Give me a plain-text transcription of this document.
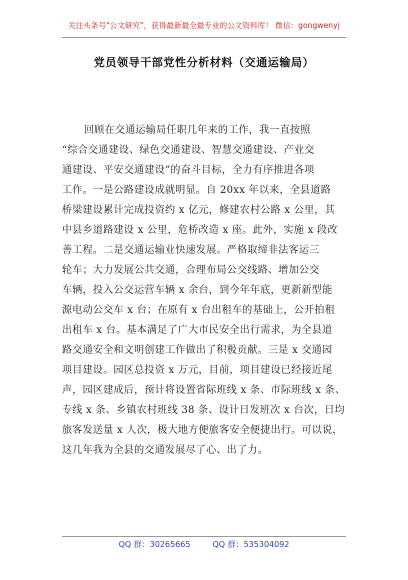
关注头条号"公文研究"，获得最新最全最专业的公文资料库！ 微信：gongwenyj
党员领导干部党性分析材料（交通运输局）
回顾在交通运输局任职几年来的工作，我一直按照
“综合交通建设、绿色交通建设、智慧交通建设、产业交
通建设、平安交通建设”的奋斗目标，全力有序推进各项
工作。一是公路建设成就明显。自 20xx 年以来，全县道路
桥梁建设累计完成投资约 x 亿元，修建农村公路 x 公里，其
中县乡道路建设 x 公里，危桥改造 x 座。此外，实施 x 段改
善工程。二是交通运输业快速发展。严格取缔非法客运三
轮车；大力发展公共交通，合理布局公交线路、增加公交
车辆，投入公交运营车辆 x 余台，到今年年底，更新新型能
源电动公交车 x 台；在原有 x 台出租车的基础上，公开拍租
出租车 x 台。基本满足了广大市民安全出行需求，为全县道
路交通安全和文明创建工作做出了积极贡献。三是 x 交通园
项目建设。园区总投资 x 万元，目前，项目建设已经接近尾
声，园区建成后，预计将设置省际班线 x 条、市际班线 x 条、
专线 x 条、乡镇农村班线 38 条、设计日发班次 x 台次，日均
旅客发送量 x 人次，极大地方便旅客安全便捷出行。可以说，
这几年我为全县的交通发展尽了心、出了力。
QQ 群：30265665	QQ 群：535304092
